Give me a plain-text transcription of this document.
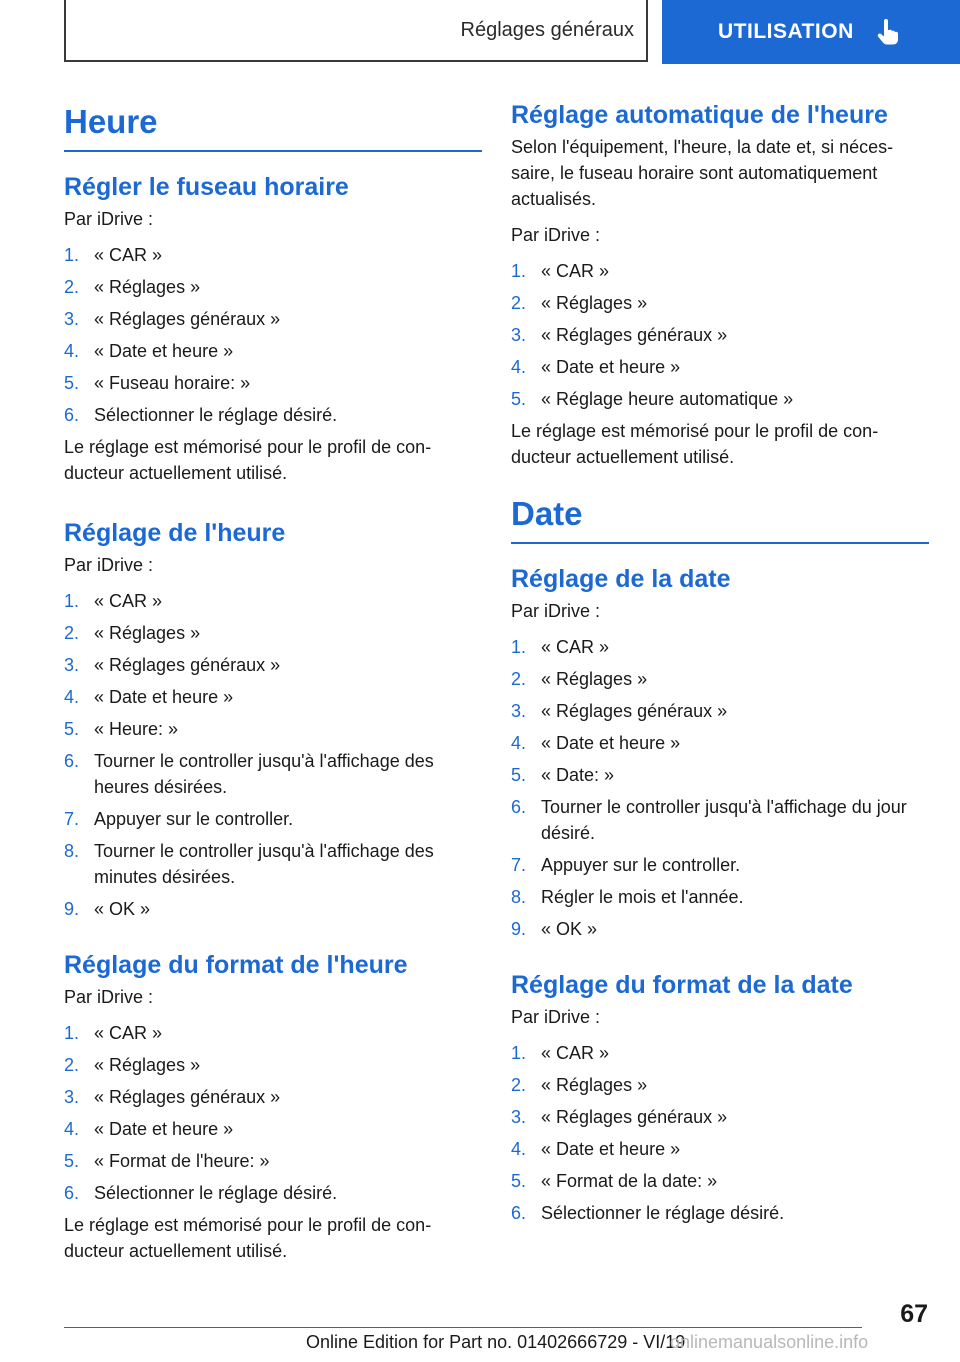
Réglages généraux	UTILISATION
Heure
Régler le fuseau horaire

Par iDrive :

1. « CAR »
2. « Réglages »
3. « Réglages généraux »
4. « Date et heure »
5. « Fuseau horaire: »
6. Sélectionner le réglage désiré.

Le réglage est mémorisé pour le profil de con-ducteur actuellement utilisé.

Réglage de l'heure

Par iDrive :

1. « CAR »
2. « Réglages »
3. « Réglages généraux »
4. « Date et heure »
5. « Heure: »
6. Tourner le controller jusqu'à l'affichage des heures désirées.
7. Appuyer sur le controller.
8. Tourner le controller jusqu'à l'affichage des minutes désirées.
9. « OK »
Réglage du format de l'heure

Par iDrive :

1. « CAR »
2. « Réglages »
3. « Réglages généraux »
4. « Date et heure »
5. « Format de l'heure: »
6. Sélectionner le réglage désiré.

Le réglage est mémorisé pour le profil de con-ducteur actuellement utilisé.

Réglage automatique de l'heure

Selon l'équipement, l'heure, la date et, si néces-saire, le fuseau horaire sont automatiquement actualisés.

Par iDrive :

1. « CAR »
2. « Réglages »
3. « Réglages généraux »
4. « Date et heure »
5. « Réglage heure automatique »

Le réglage est mémorisé pour le profil de con-ducteur actuellement utilisé.

Date
Réglage de la date

Par iDrive :

1. « CAR »
2. « Réglages »
3. « Réglages généraux »
4. « Date et heure »
5. « Date: »
6. Tourner le controller jusqu'à l'affichage du jour désiré.
7. Appuyer sur le controller.
8. Régler le mois et l'année.
9. « OK »
Réglage du format de la date

Par iDrive :

1. « CAR »
2. « Réglages »
3. « Réglages généraux »
4. « Date et heure »
5. « Format de la date: »
6. Sélectionner le réglage désiré.
67
Online Edition for Part no. 01402666729 - VI/19
onlinemanualsonline.info
